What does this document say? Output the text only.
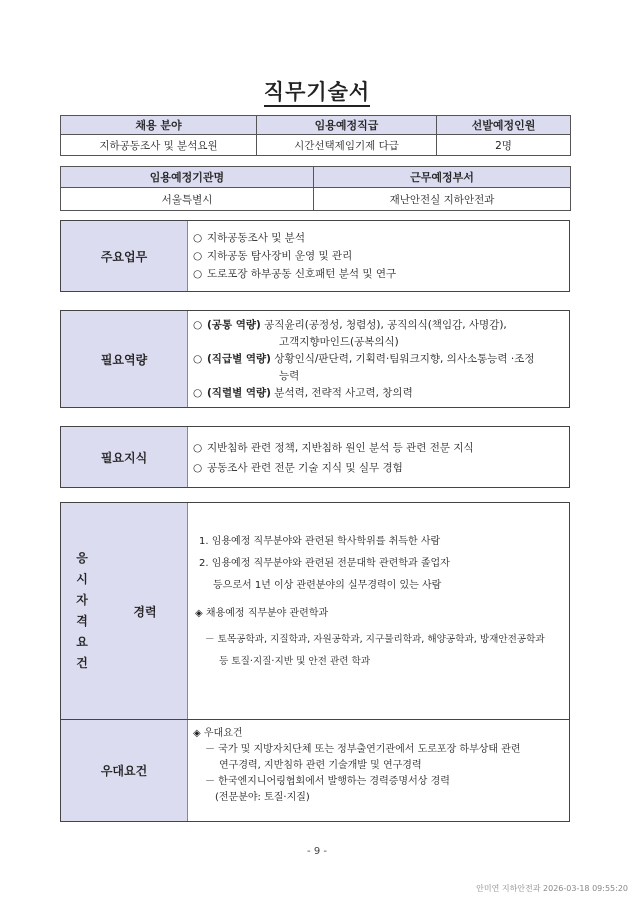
직무기술서
채용 분야	임용예정직급	선발예정인원
지하공동조사 및 분석요원	시간선택제임기제 다급	2명
임용예정기관명	근무예정부서
서울특별시	재난안전실 지하안전과
주요업무
○ 지하공동조사 및 분석
○ 지하공동 탐사장비 운영 및 관리
○ 도로포장 하부공동 신호패턴 분석 및 연구
필요역량
○ (공통 역량) 공직윤리(공정성, 청렴성), 공직의식(책임감, 사명감),
고객지향마인드(공복의식)
○ (직급별 역량) 상황인식/판단력, 기획력·팀워크지향, 의사소통능력 ·조정
능력
○ (직렬별 역량) 분석력, 전략적 사고력, 창의력
필요지식
○ 지반침하 관련 정책, 지반침하 원인 분석 등 관련 전문 지식
○ 공동조사 관련 전문 기술 지식 및 실무 경험
응
시
자
격
요
건
경력
1. 임용예정 직무분야와 관련된 학사학위를 취득한 사람
2. 임용예정 직무분야와 관련된 전문대학 관련학과 졸업자
등으로서 1년 이상 관련분야의 실무경력이 있는 사람
◈ 채용예정 직무분야 관련학과
－ 토목공학과, 지질학과, 자원공학과, 지구물리학과, 해양공학과, 방재안전공학과
등 토질·지질·지반 및 안전 관련 학과
우대요건
◈ 우대요건
－ 국가 및 지방자치단체 또는 정부출연기관에서 도로포장 하부상태 관련
연구경력, 지반침하 관련 기술개발 및 연구경력
－ 한국엔지니어링협회에서 발행하는 경력증명서상 경력
(전문분야: 토질·지질)
- 9 -
안미연 지하안전과 2026-03-18 09:55:20
